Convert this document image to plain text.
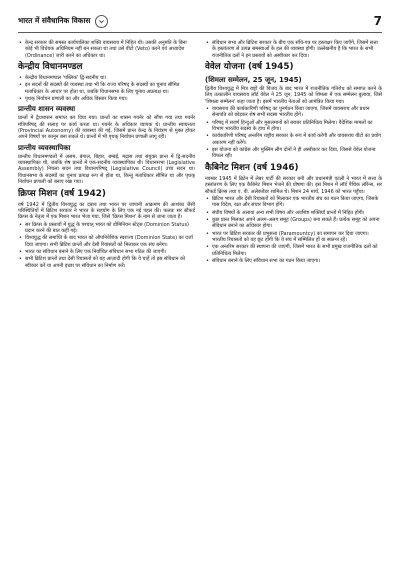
भारत में संवैधानिक विकास	7

• केन्द्र सरकार की समस्त कार्यपालिका शक्ति वायसराय में निहित थी। उसकी अनुमति के बिना कोई भी विधेयक अधिनियम नहीं बन सकता था तथा उसे वीटो (Veto) करने एवं अध्यादेश (Ordinance) जारी करने का अधिकार था।

केन्द्रीय विधानमण्डल

• केन्द्रीय विधानमण्डल 'पब्लिक' द्वि-सदनीय था।

• इन सदनों की सदस्यों की व्यवस्था तथा भी कि राज्य परिषद् के सदस्यों का चुनाव सीमित मताधिकार के आधार पर होता था, जबकि विधानसभा के लिए चुनाव अप्रत्यक्ष था।

• पृथक् निर्वाचन प्रणाली का और अधिक विस्तार किया गया।

प्रान्तीय शासन व्यवस्था

प्रान्तों में द्वैधशासन समाप्त कर दिया गया। प्रान्तों का शासन गवर्नर को सौंपा गया तथा गवर्नर मंत्रिपरिषद् की सलाह पर कार्य करता था। गवर्नर के अधिकार व्यापक थे। प्रान्तीय स्वायत्तता (Provincial Autonomy) की व्यवस्था की गई, जिसमें प्रान्त केन्द्र के नियंत्रण से मुक्त होकर अपने विषयों पर कानून बना सकते थे। प्रान्तों में भी पृथक् निर्वाचन प्रणाली लागू रही।

प्रान्तीय व्यवस्थापिका

प्रान्तीय विधानमण्डलों में असम, बंगाल, बिहार, बम्बई, मद्रास तथा संयुक्त प्रान्त में द्वि-सदनीय व्यवस्थापिका थी, जबकि शेष प्रान्तों में एक-सदनीय व्यवस्थापिका थी। विधानसभा (Legislative Assembly) निचला सदन तथा विधानपरिषद् (Legislative Council) उच्च सदन था। विधानसभा के सदस्यों का चुनाव प्रत्यक्ष रूप से होता था, किन्तु मताधिकार सीमित था और पृथक् निर्वाचन प्रणाली को बनाए रखा गया।

क्रिप्स मिशन (वर्ष 1942)

वर्ष 1942 में द्वितीय विश्वयुद्ध का दबाव तथा भारत पर जापानी आक्रमण की आशंका जैसी परिस्थितियों में ब्रिटिश सरकार ने भारत के सहयोग के लिए एक नई पहल की। फलतः सर स्टैफर्ड क्रिप्स के नेतृत्व में एक मिशन भारत भेजा गया, जिसे 'क्रिप्स मिशन' के नाम से जाना जाता है।

• सर क्रिप्स के प्रस्तावों में युद्ध के पश्चात् भारत को डोमिनियन स्टेट्स (Dominion Status) प्रदान करने की बात कही गई।

• विश्वयुद्ध की समाप्ति के बाद भारत को औपनिवेशिक स्वराज्य (Dominion State) का दर्जा दिया जाएगा। सभी ब्रिटिश प्रान्तों और देसी रियासतों को मिलाकर एक संघ बनेगा।

• भारत का संविधान बनाने के लिए एक निर्वाचित संविधान सभा गठित की जाएगी।

• सभी ब्रिटिश प्रान्तों तथा देसी रियासतों को यह आज़ादी होगी कि वे चाहें तो इस संविधान को स्वीकार करें या अपनी इच्छा पर संविधान का निर्माण करें।

• संविधान सभा और ब्रिटिश सरकार के बीच एक संधि-पत्र पर हस्ताक्षर किए जाएँगे, जिसमें सत्ता के हस्तांतरण से उत्पन्न समस्याओं के हल की व्यवस्था होगी। उल्लेखनीय है कि भारत के सभी राजनीतिक दलों ने इन प्रस्तावों को अस्वीकार कर दिया।

वेवेल योजना (वर्ष 1945)
(शिमला सम्मेलन, 25 जून, 1945)

द्वितीय विश्वयुद्ध में मित्र राष्ट्रों की विजय के बाद भारत में राजनीतिक गतिरोध को समाप्त करने के लिए तत्कालीन वायसराय लॉर्ड वेवेल ने 25 जून, 1945 को शिमला में एक सम्मेलन बुलाया, जिसे 'शिमला सम्मेलन' कहा जाता है। इसमें भारतीय नेताओं को आमंत्रित किया गया।

• वायसराय की कार्यकारिणी परिषद् का पुनर्गठन किया जाएगा, जिसमें वायसराय और प्रधान सेनापति को छोड़कर शेष सभी सदस्य भारतीय होंगे।

• परिषद् में सवर्ण हिन्दुओं और मुसलमानों को बराबर प्रतिनिधित्व मिलेगा। वैदेशिक मामलों का विभाग भारतीय सदस्य के हाथ में होगा।

• कार्यकारिणी परिषद् अन्तरिम राष्ट्रीय सरकार के रूप में कार्य करेगी और वायसराय वीटो का प्रयोग अकारण नहीं करेंगे।

• इस योजना को कांग्रेस और मुस्लिम लीग दोनों ने ही अस्वीकार कर दिया, जिससे वेवेल योजना विफल रही।

कैबिनेट मिशन (वर्ष 1946)

नवम्बर 1945 में ब्रिटेन में लेबर पार्टी की सरकार बनी और प्रधानमंत्री एटली ने भारत में सत्ता के हस्तांतरण के लिए एक कैबिनेट मिशन भेजने की घोषणा की। इस मिशन में लॉर्ड पैथिक लॉरेन्स, सर स्टैफर्ड क्रिप्स तथा ए. वी. अलेक्जेंडर शामिल थे। मिशन 24 मार्च, 1946 को भारत पहुँचा।

• ब्रिटिश भारत और देसी रियासतों को मिलाकर एक भारतीय संघ का गठन किया जाएगा, जिसके पास विदेश, रक्षा और संचार विभाग होंगे।

• संघीय विषयों के अलावा अन्य सभी विषय और अवशिष्ट शक्तियाँ प्रान्तों में निहित होंगी।

• कुछ प्रान्त मिलकर अपने अलग-अलग समूह (Groups) बना सकते हैं। प्रत्येक समूह को अपना संविधान बनाने का अधिकार होगा।

• भारत पर ब्रिटिश सरकार की प्रभुसत्ता (Paramountcy) का समापन कर दिया जाएगा। भारतीय रियासतों को यह छूट होगी कि वे संघ में सम्मिलित हों या स्वतन्त्र रहें।

• एक अन्तरिम सरकार की स्थापना की जाएगी, जिसमें भारत के सभी प्रमुख राजनीतिक दलों को प्रतिनिधित्व मिलेगा।

• संविधान बनाने के लिए संविधान सभा का गठन किया जाएगा।
